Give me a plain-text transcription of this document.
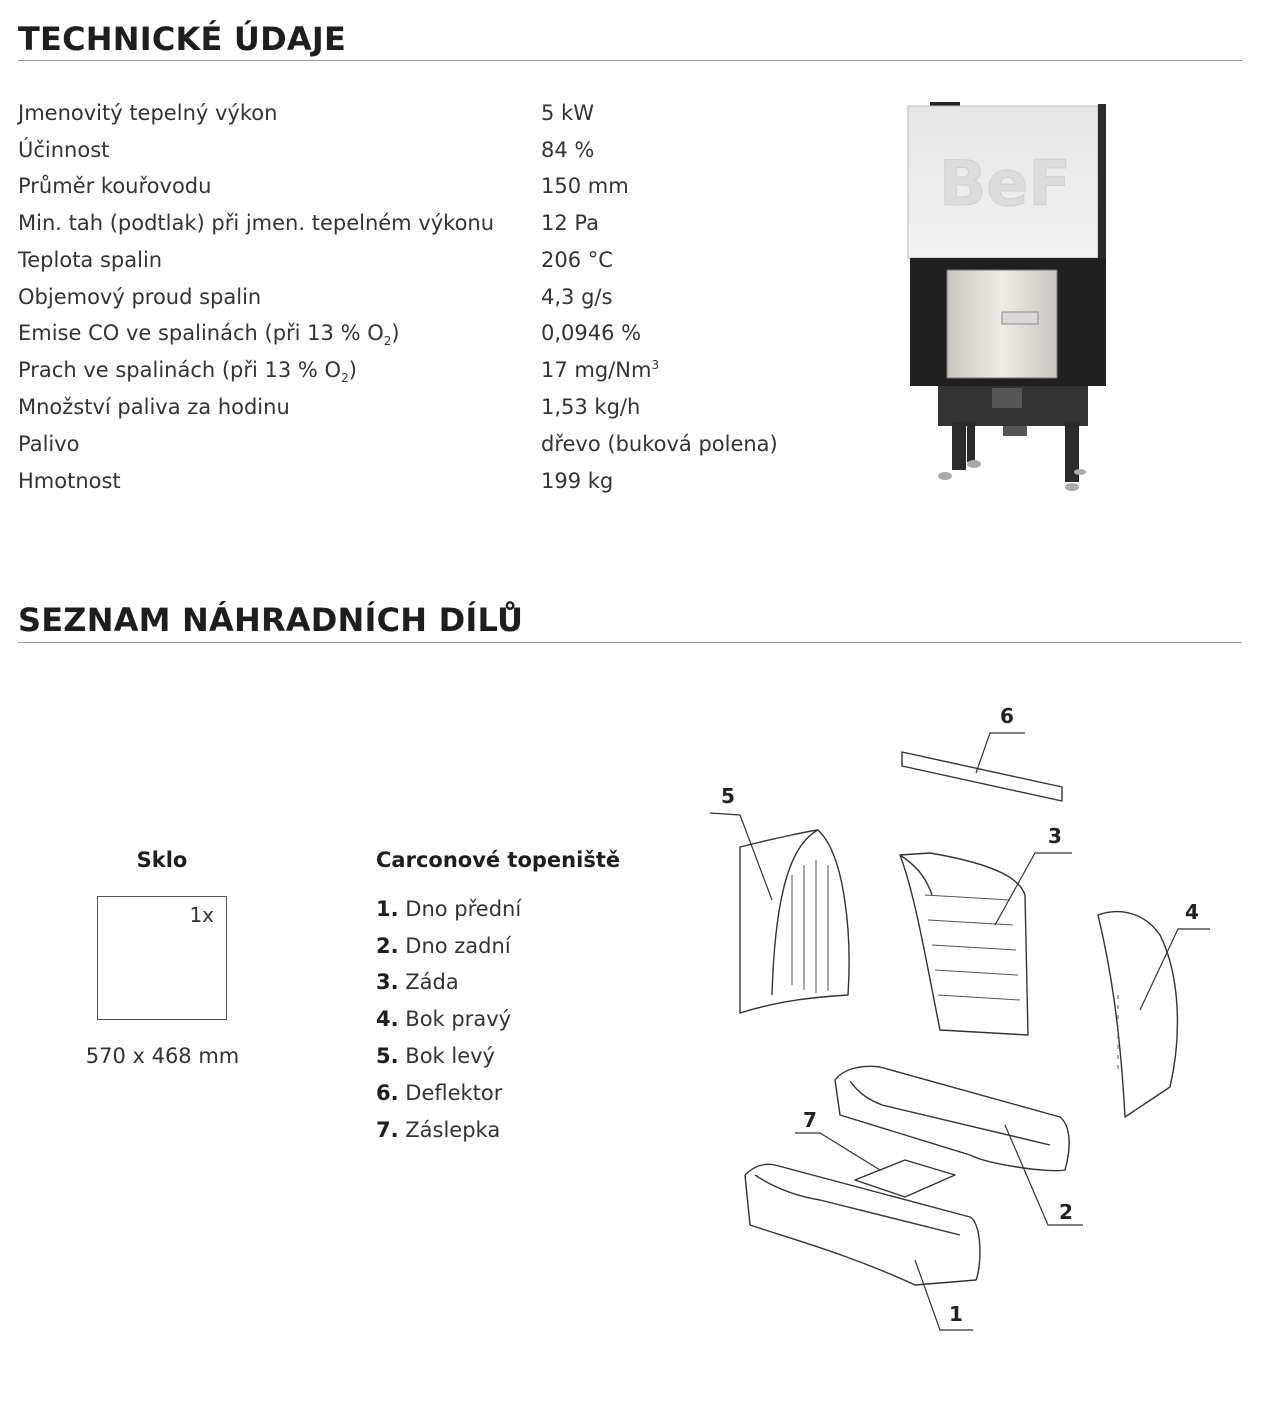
TECHNICKÉ ÚDAJE
Jmenovitý tepelný výkon	5 kW
Účinnost	84 %
Průměr kouřovodu	150 mm
Min. tah (podtlak) při jmen. tepelném výkonu 12 Pa
Teplota spalin	206 °C
Objemový proud spalin	4,3 g/s
Emise CO ve spalinách (při 13 % $O_2$)	0,0946 %
Prach ve spalinách (při 13 % $O_2$)	17 mg/Nm$^3$
Množství paliva za hodinu	1,53 kg/h
Palivo	dřevo (buková polena)
Hmotnost	199 kg
BeF
SEZNAM NÁHRADNÍCH DÍLŮ
Sklo
1x
570 x 468 mm
Carconové topeniště
1. Dno přední
2. Dno zadní
3. Záda
4. Bok pravý
5. Bok levý
6. Deflektor
7. Záslepka
6
5
3
4
2
7
1
